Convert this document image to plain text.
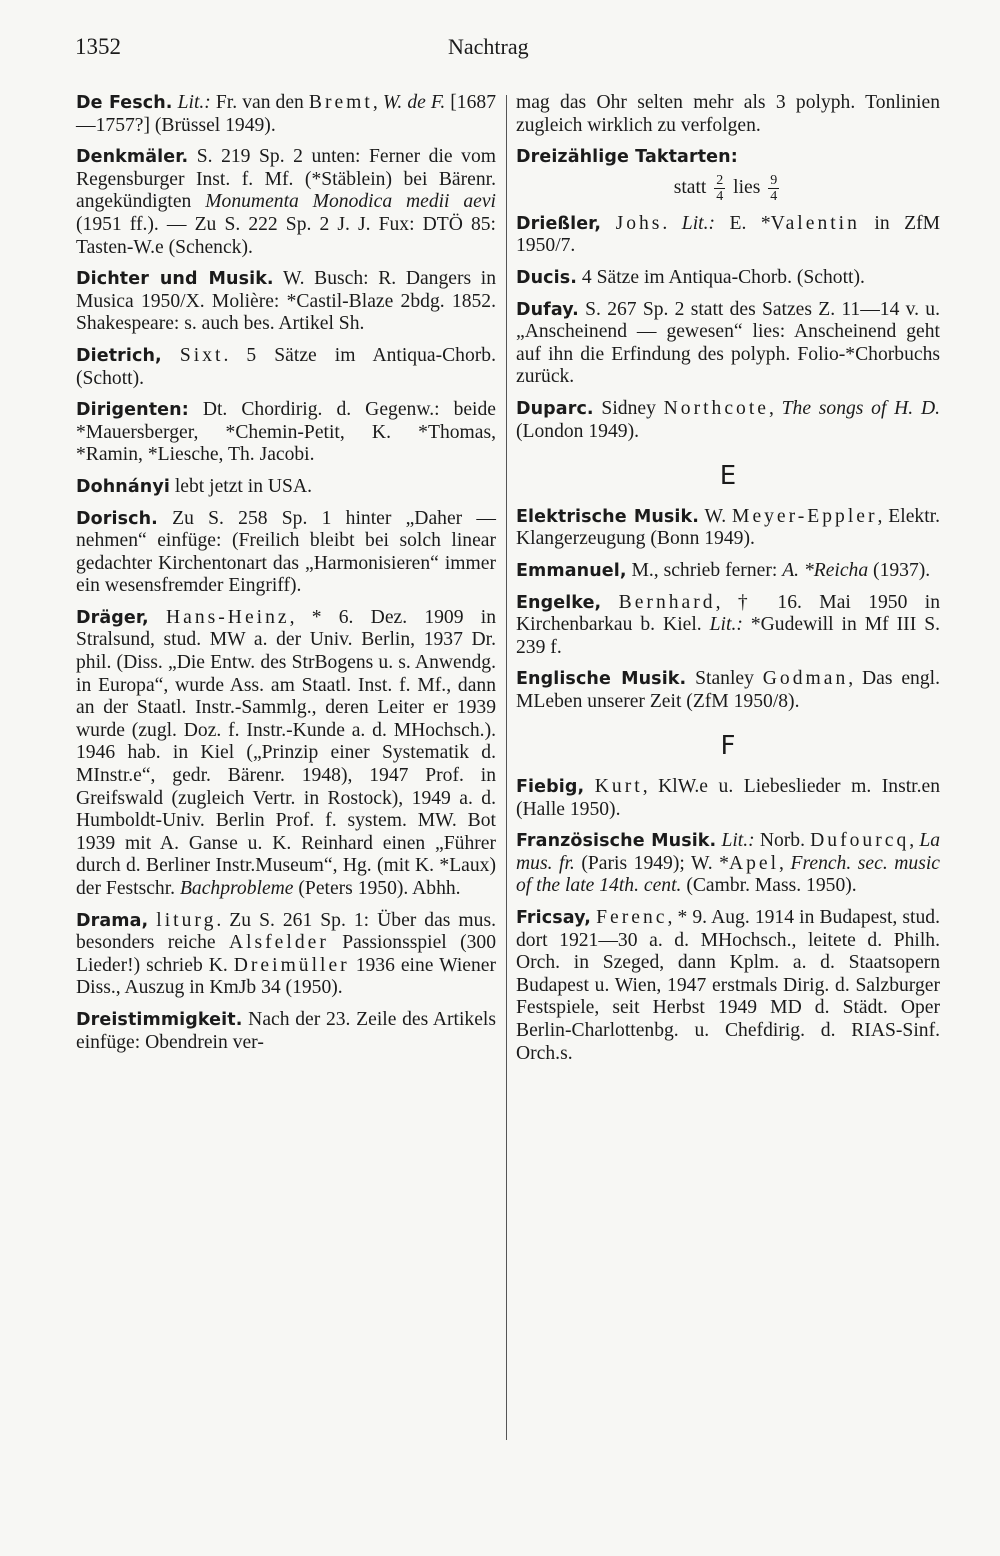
1352	Nachtrag
De Fesch. Lit.: Fr. van den Bremt, W. de F. [1687—1757?] (Brüssel 1949).
Denkmäler. S. 219 Sp. 2 unten: Ferner die vom Regensburger Inst. f. Mf. (*Stäblein) bei Bärenr. angekündigten Monumenta Monodica medii aevi (1951 ff.). — Zu S. 222 Sp. 2 J. J. Fux: DTÖ 85: Tasten-W.e (Schenck).
Dichter und Musik. W. Busch: R. Dangers in Musica 1950/X. Molière: *Castil-Blaze 2bdg. 1852. Shakespeare: s. auch bes. Artikel Sh.
Dietrich, Sixt. 5 Sätze im Antiqua-Chorb. (Schott).
Dirigenten: Dt. Chordirig. d. Gegenw.: beide *Mauersberger, *Chemin-Petit, K. *Thomas, *Ramin, *Liesche, Th. Jacobi.
Dohnányi lebt jetzt in USA.
Dorisch. Zu S. 258 Sp. 1 hinter „Daher — nehmen“ einfüge: (Freilich bleibt bei solch linear gedachter Kirchentonart das „Harmonisieren“ immer ein wesensfremder Eingriff).
Dräger, Hans-Heinz, * 6. Dez. 1909 in Stralsund, stud. MW a. der Univ. Berlin, 1937 Dr. phil. (Diss. „Die Entw. des StrBogens u. s. Anwendg. in Europa“, wurde Ass. am Staatl. Inst. f. Mf., dann an der Staatl. Instr.-Sammlg., deren Leiter er 1939 wurde (zugl. Doz. f. Instr.-Kunde a. d. MHochsch.). 1946 hab. in Kiel („Prinzip einer Systematik d. MInstr.e“, gedr. Bärenr. 1948), 1947 Prof. in Greifswald (zugleich Vertr. in Rostock), 1949 a. d. Humboldt-Univ. Berlin Prof. f. system. MW. Bot 1939 mit A. Ganse u. K. Reinhard einen „Führer durch d. Berliner Instr.Museum“, Hg. (mit K. *Laux) der Festschr. Bachprobleme (Peters 1950). Abhh.
Drama, liturg. Zu S. 261 Sp. 1: Über das mus. besonders reiche Alsfelder Passionsspiel (300 Lieder!) schrieb K. Dreimüller 1936 eine Wiener Diss., Auszug in KmJb 34 (1950).
Dreistimmigkeit. Nach der 23. Zeile des Artikels einfüge: Obendrein ver-
mag das Ohr selten mehr als 3 polyph. Tonlinien zugleich wirklich zu verfolgen.
Dreizählige Taktarten:
statt $\frac{2}{4}$ lies $\frac{9}{4}$
Drießler, Johs. Lit.: E. *Valentin in ZfM 1950/7.
Ducis. 4 Sätze im Antiqua-Chorb. (Schott).
Dufay. S. 267 Sp. 2 statt des Satzes Z. 11—14 v. u. „Anscheinend — gewesen“ lies: Anscheinend geht auf ihn die Erfindung des polyph. Folio-*Chorbuchs zurück.
Duparc. Sidney Northcote, The songs of H. D. (London 1949).
E
Elektrische Musik. W. Meyer-Eppler, Elektr. Klangerzeugung (Bonn 1949).
Emmanuel, M., schrieb ferner: A. *Reicha (1937).
Engelke, Bernhard, † 16. Mai 1950 in Kirchenbarkau b. Kiel. Lit.: *Gudewill in Mf III S. 239 f.
Englische Musik. Stanley Godman, Das engl. MLeben unserer Zeit (ZfM 1950/8).
F
Fiebig, Kurt, KlW.e u. Liebeslieder m. Instr.en (Halle 1950).
Französische Musik. Lit.: Norb. Dufourcq, La mus. fr. (Paris 1949); W. *Apel, French. sec. music of the late 14th. cent. (Cambr. Mass. 1950).
Fricsay, Ferenc, * 9. Aug. 1914 in Budapest, stud. dort 1921—30 a. d. MHochsch., leitete d. Philh. Orch. in Szeged, dann Kplm. a. d. Staatsopern Budapest u. Wien, 1947 erstmals Dirig. d. Salzburger Festspiele, seit Herbst 1949 MD d. Städt. Oper Berlin-Charlottenbg. u. Chefdirig. d. RIAS-Sinf. Orch.s.
